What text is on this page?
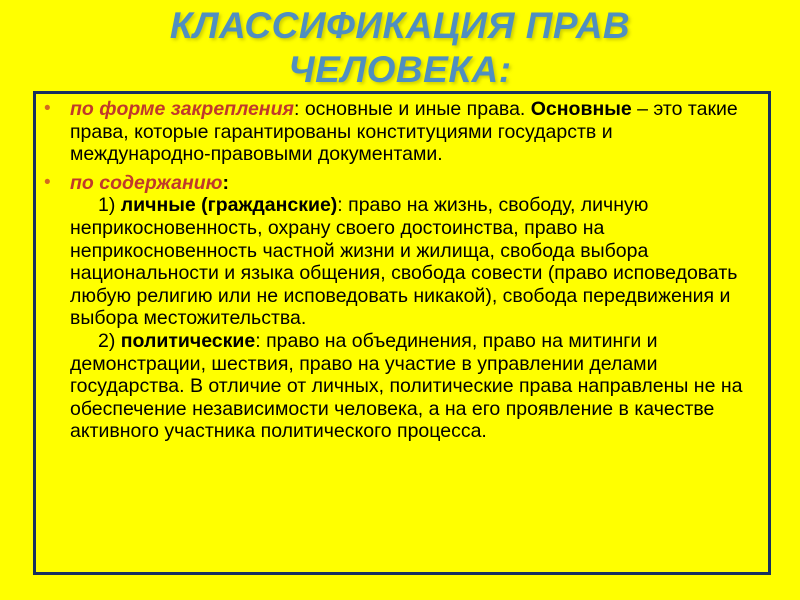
КЛАССИФИКАЦИЯ ПРАВ
ЧЕЛОВЕКА:
• по форме закрепления: основные и иные права. Основные – это такие права, которые гарантированы конституциями государств и международно-правовыми документами.
• по содержанию:
1) личные (гражданские): право на жизнь, свободу, личную неприкосновенность, охрану своего достоинства, право на неприкосновенность частной жизни и жилища, свобода выбора национальности и языка общения, свобода совести (право исповедовать любую религию или не исповедовать никакой), свобода передвижения и выбора местожительства.
2) политические: право на объединения, право на митинги и демонстрации, шествия, право на участие в управлении делами государства. В отличие от личных, политические права направлены не на обеспечение независимости человека, а на его проявление в качестве активного участника политического процесса.
